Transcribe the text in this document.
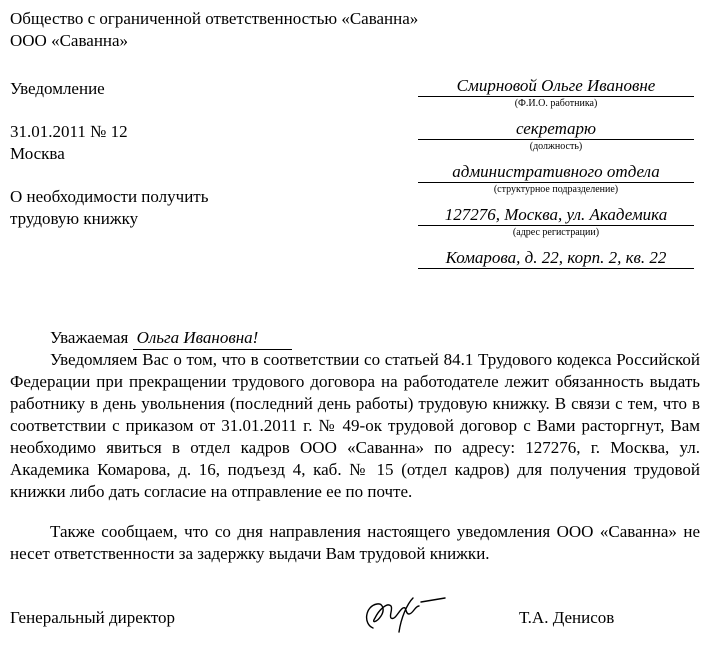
Общество с ограниченной ответственностью «Саванна»
ООО «Саванна»
Уведомление
31.01.2011 № 12
Москва
О необходимости получить
трудовую книжку
Смирновой Ольге Ивановне
(Ф.И.О. работника)
секретарю
(должность)
административного отдела
(структурное подразделение)
127276, Москва, ул. Академика
(адрес регистрации)
Комарова, д. 22, корп. 2, кв. 22
Уважаемая Ольга Ивановна!
Уведомляем Вас о том, что в соответствии со статьей 84.1 Трудового кодекса Российской Федерации при прекращении трудового договора на работодателе лежит обязанность выдать работнику в день увольнения (последний день работы) трудовую книжку. В связи с тем, что в соответствии с приказом от 31.01.2011 г. № 49-ок трудовой договор с Вами расторгнут, Вам необходимо явиться в отдел кадров ООО «Саванна» по адресу: 127276, г. Москва, ул. Академика Комарова, д. 16, подъезд 4, каб. № 15 (отдел кадров) для получения трудовой книжки либо дать согласие на отправление ее по почте.
Также сообщаем, что со дня направления настоящего уведомления ООО «Саванна» не несет ответственности за задержку выдачи Вам трудовой книжки.
Генеральный директор	Т.А. Денисов
